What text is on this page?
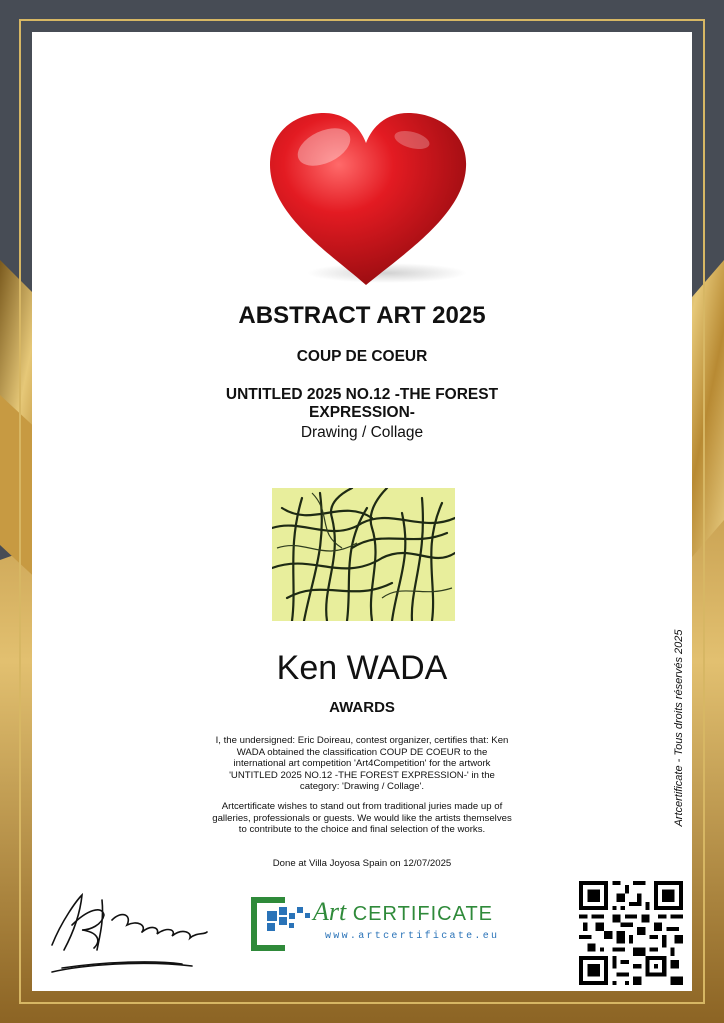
ABSTRACT ART 2025
COUP DE COEUR
UNTITLED 2025 NO.12 -THE FOREST EXPRESSION-
Drawing / Collage
Ken WADA
AWARDS
I, the undersigned: Eric Doireau, contest organizer, certifies that: Ken WADA obtained the classification COUP DE COEUR to the international art competition 'Art4Competition' for the artwork 'UNTITLED 2025 NO.12 -THE FOREST EXPRESSION-' in the category: 'Drawing / Collage'.
Artcertificate wishes to stand out from traditional juries made up of galleries, professionals or guests. We would like the artists themselves to contribute to the choice and final selection of the works.
Done at Villa Joyosa Spain on 12/07/2025
Artcertificate - Tous droits réservés 2025
Art CERTIFICATE
www.artcertificate.eu
